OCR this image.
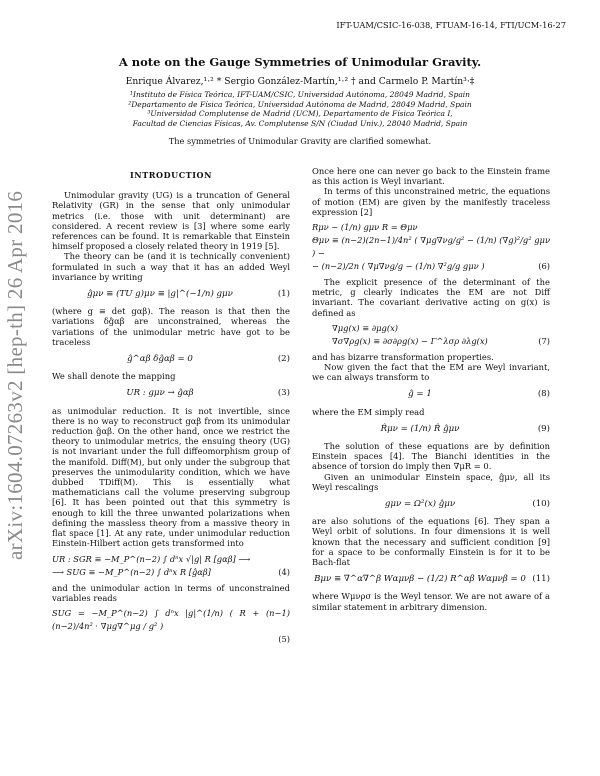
IFT-UAM/CSIC-16-038, FTUAM-16-14, FTI/UCM-16-27
arXiv:1604.07263v2 [hep-th] 26 Apr 2016
A note on the Gauge Symmetries of Unimodular Gravity.
Enrique Álvarez,¹·² * Sergio González-Martín,¹·² † and Carmelo P. Martín³·‡
¹Instituto de Física Teórica, IFT-UAM/CSIC, Universidad Autónoma, 28049 Madrid, Spain
²Departamento de Física Teórica, Universidad Autónoma de Madrid, 28049 Madrid, Spain
³Universidad Complutense de Madrid (UCM), Departamento de Física Teórica I,
Facultad de Ciencias Físicas, Av. Complutense S/N (Ciudad Univ.), 28040 Madrid, Spain
The symmetries of Unimodular Gravity are clarified somewhat.
INTRODUCTION

Unimodular gravity (UG) is a truncation of General Relativity (GR) in the sense that only unimodular metrics (i.e. those with unit determinant) are considered. A recent review is [3] where some early references can be found. It is remarkable that Einstein himself proposed a closely related theory in 1919 [5].

The theory can be (and it is technically convenient) formulated in such a way that it has an added Weyl invariance by writing

ĝμν ≡ (TU g)μν ≡ |g|^(−1/n) gμν	(1)

(where g ≡ det gαβ). The reason is that then the variations δĝαβ are unconstrained, whereas the variations of the unimodular metric have got to be traceless

ĝ^αβ δĝαβ = 0	(2)

We shall denote the mapping

UR : gμν → ĝαβ	(3)

as unimodular reduction. It is not invertible, since there is no way to reconstruct gαβ from its unimodular reduction ĝαβ. On the other hand, once we restrict the theory to unimodular metrics, the ensuing theory (UG) is not invariant under the full diffeomorphism group of the manifold. Diff(M), but only under the subgroup that preserves the unimodularity condition, which we have dubbed TDiff(M). This is essentially what mathematicians call the volume preserving subgroup [6]. It has been pointed out that this symmetry is enough to kill the three unwanted polarizations when defining the massless theory from a massive theory in flat space [1]. At any rate, under unimodular reduction Einstein-Hilbert action gets transformed into

UR : SGR ≡ −M_P^(n−2) ∫ dⁿx √|g| R [gαβ] ⟶
⟶ SUG ≡ −M_P^(n−2) ∫ dⁿx R [ĝαβ]	(4)

and the unimodular action in terms of unconstrained variables reads

SUG = −M_P^(n−2) ∫ dⁿx |g|^(1/n) ( R + (n−1)(n−2)/4n² · ∇μg∇^μg / g² )
(5)

Once here one can never go back to the Einstein frame as this action is Weyl invariant.

In terms of this unconstrained metric, the equations of motion (EM) are given by the manifestly traceless expression [2]

Rμν − (1/n) gμν R = Θμν
Θμν ≡ (n−2)(2n−1)/4n² ( ∇μg∇νg/g² − (1/n) (∇g)²/g² gμν ) −
− (n−2)/2n ( ∇μ∇νg/g − (1/n) ∇²g/g gμν )	(6)

The explicit presence of the determinant of the metric, g clearly indicates the EM are not Diff invariant. The covariant derivative acting on g(x) is defined as

∇μg(x) ≡ ∂μg(x)
∇σ∇ρg(x) ≡ ∂σ∂ρg(x) − Γ^λσρ ∂λg(x)	(7)

and has bizarre transformation properties.

Now given the fact that the EM are Weyl invariant, we can always transform to

ĝ = 1	(8)

where the EM simply read

R̂μν = (1/n) R̂ ĝμν	(9)

The solution of these equations are by definition Einstein spaces [4]. The Bianchi identities in the absence of torsion do imply then ∇μR = 0.

Given an unimodular Einstein space, ĝμν, all its Weyl rescalings

gμν = Ω²(x) ĝμν	(10)

are also solutions of the equations [6]. They span a Weyl orbit of solutions. In four dimensions it is well known that the necessary and sufficient condition [9] for a space to be conformally Einstein is for it to be Bach-flat

Bμν ≡ ∇^α∇^β Wαμνβ − (1/2) R^αβ Wαμνβ = 0 (11)

where Wμνρσ is the Weyl tensor. We are not aware of a similar statement in arbitrary dimension.
